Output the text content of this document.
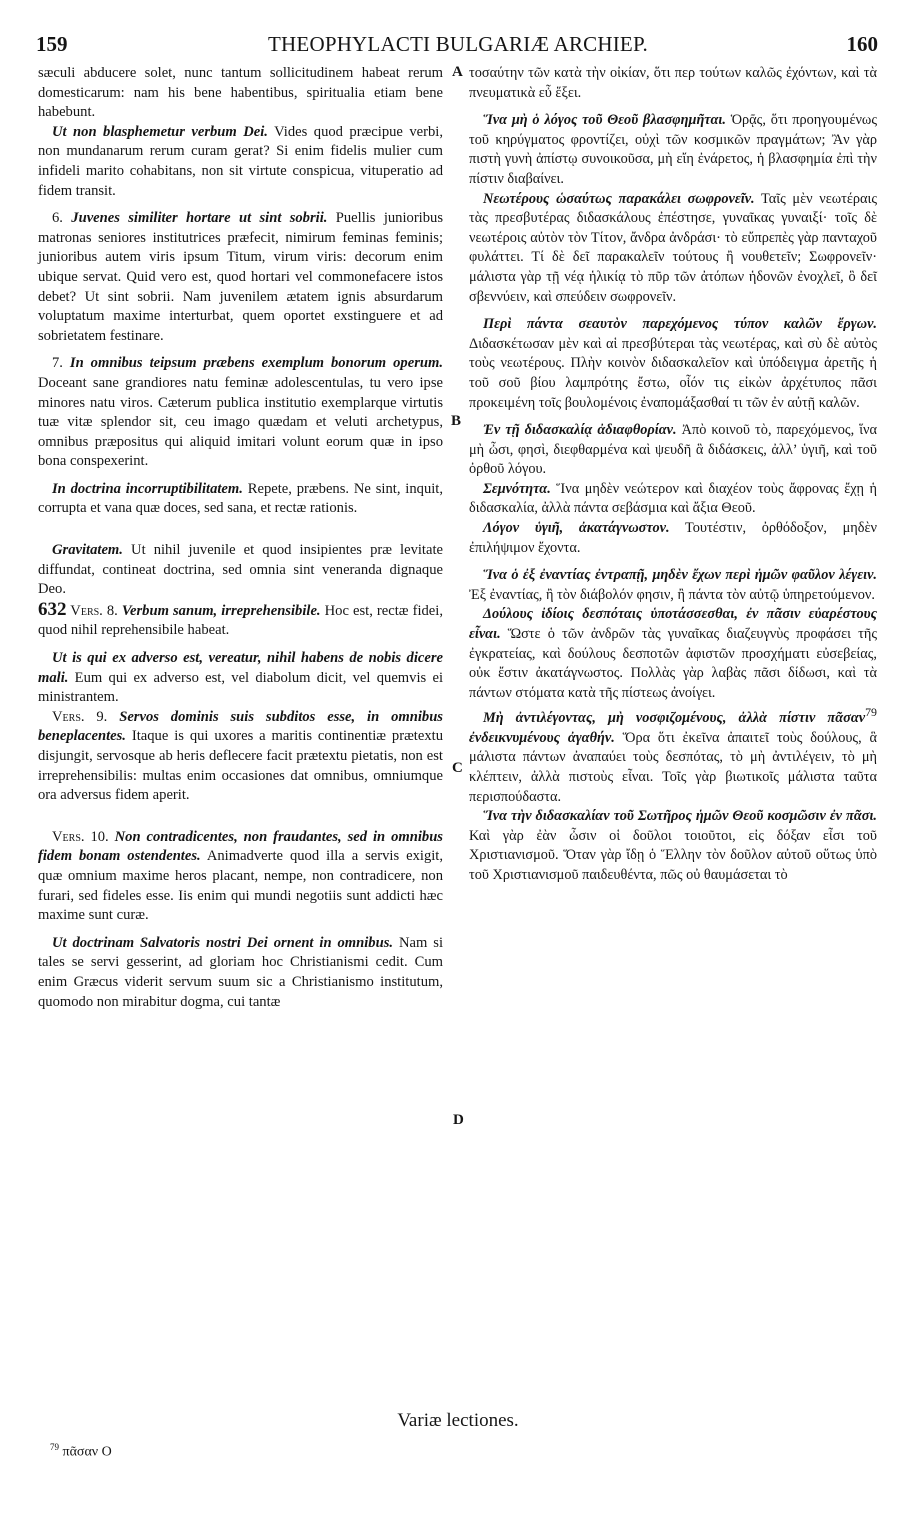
159	THEOPHYLACTI BULGARIÆ ARCHIEP.	160

sæculi abducere solet, nunc tantum sollicitudinem habeat rerum domesticarum: nam his bene habentibus, spiritualia etiam bene habebunt.

Ut non blasphemetur verbum Dei. Vides quod præcipue verbi, non mundanarum rerum curam gerat? Si enim fidelis mulier cum infideli marito cohabitans, non sit virtute conspicua, vituperatio ad fidem transit.

6. Juvenes similiter hortare ut sint sobrii. Puellis junioribus matronas seniores institutrices præfecit, nimirum feminas feminis; junioribus autem viris ipsum Titum, virum viris: decorum enim ubique servat. Quid vero est, quod hortari vel commonefacere istos debet? Ut sint sobrii. Nam juvenilem ætatem ignis absurdarum voluptatum maxime interturbat, quem oportet exstinguere et ad sobrietatem festinare.

7. In omnibus teipsum præbens exemplum bonorum operum. Doceant sane grandiores natu feminæ adolescentulas, tu vero ipse minores natu viros. Cæterum publica institutio exemplarque virtutis tuæ vitæ splendor sit, ceu imago quædam et veluti archetypus, omnibus præpositus qui aliquid imitari volunt eorum quæ in ipso bona conspexerint.

In doctrina incorruptibilitatem. Repete, præbens. Ne sint, inquit, corrupta et vana quæ doces, sed sana, et rectæ rationis.

Gravitatem. Ut nihil juvenile et quod insipientes præ levitate diffundat, contineat doctrina, sed omnia sint veneranda dignaque Deo.

632 Vers. 8. Verbum sanum, irreprehensibile. Hoc est, rectæ fidei, quod nihil reprehensibile habeat.

Ut is qui ex adverso est, vereatur, nihil habens de nobis dicere mali. Eum qui ex adverso est, vel diabolum dicit, vel quemvis ei ministrantem.

Vers. 9. Servos dominis suis subditos esse, in omnibus beneplacentes. Itaque is qui uxores a maritis continentiæ prætextu disjungit, servosque ab heris deflecere facit prætextu pietatis, non est irreprehensibilis: multas enim occasiones dat omnibus, omniumque ora adversus fidem aperit.

Vers. 10. Non contradicentes, non fraudantes, sed in omnibus fidem bonam ostendentes. Animadverte quod illa a servis exigit, quæ omnium maxime heros placant, nempe, non contradicere, non furari, sed fideles esse. Iis enim qui mundi negotiis sunt addicti hæc maxime sunt curæ.

Ut doctrinam Salvatoris nostri Dei ornent in omnibus. Nam si tales se servi gesserint, ad gloriam hoc Christianismi cedit. Cum enim Græcus viderit servum suum sic a Christianismo institutum, quomodo non mirabitur dogma, cui tantæ

τοσαύτην τῶν κατὰ τὴν οἰκίαν, ὅτι περ τούτων καλῶς ἐχόντων, καὶ τὰ πνευματικὰ εὖ ἕξει.

Ἵνα μὴ ὁ λόγος τοῦ Θεοῦ βλασφημῆται. Ὁρᾷς, ὅτι προηγουμένως τοῦ κηρύγματος φροντίζει, οὐχὶ τῶν κοσμικῶν πραγμάτων; Ἂν γὰρ πιστὴ γυνὴ ἀπίστῳ συνοικοῦσα, μὴ εἴη ἐνάρετος, ἡ βλασφημία ἐπὶ τὴν πίστιν διαβαίνει.

Νεωτέρους ὡσαύτως παρακάλει σωφρονεῖν. Ταῖς μὲν νεωτέραις τὰς πρεσβυτέρας διδασκάλους ἐπέστησε, γυναῖκας γυναιξί· τοῖς δὲ νεωτέροις αὐτὸν τὸν Τίτον, ἄνδρα ἀνδράσι· τὸ εὔπρεπὲς γὰρ πανταχοῦ φυλάττει. Τί δὲ δεῖ παρακαλεῖν τούτους ἢ νουθετεῖν; Σωφρονεῖν· μάλιστα γὰρ τῇ νέᾳ ἡλικίᾳ τὸ πῦρ τῶν ἀτόπων ἡδονῶν ἐνοχλεῖ, ὃ δεῖ σβεννύειν, καὶ σπεύδειν σωφρονεῖν.

Περὶ πάντα σεαυτὸν παρεχόμενος τύπον καλῶν ἔργων. Διδασκέτωσαν μὲν καὶ αἱ πρεσβύτεραι τὰς νεωτέρας, καὶ σὺ δὲ αὐτὸς τοὺς νεωτέρους. Πλὴν κοινὸν διδασκαλεῖον καὶ ὑπόδειγμα ἀρετῆς ἡ τοῦ σοῦ βίου λαμπρότης ἔστω, οἷόν τις εἰκὼν ἀρχέτυπος πᾶσι προκειμένη τοῖς βουλομένοις ἐναπομάξασθαί τι τῶν ἐν αὐτῇ καλῶν.

Ἐν τῇ διδασκαλίᾳ ἀδιαφθορίαν. Ἀπὸ κοινοῦ τὸ, παρεχόμενος, ἵνα μὴ ὦσι, φησὶ, διεφθαρμένα καὶ ψευδῆ ἃ διδάσκεις, ἀλλ’ ὑγιῆ, καὶ τοῦ ὀρθοῦ λόγου.

Σεμνότητα. Ἵνα μηδὲν νεώτερον καὶ διαχέον τοὺς ἄφρονας ἔχῃ ἡ διδασκαλία, ἀλλὰ πάντα σεβάσμια καὶ ἄξια Θεοῦ.

Λόγον ὑγιῆ, ἀκατάγνωστον. Τουτέστιν, ὀρθόδοξον, μηδὲν ἐπιλήψιμον ἔχοντα.

Ἵνα ὁ ἐξ ἐναντίας ἐντραπῇ, μηδὲν ἔχων περὶ ἡμῶν φαῦλον λέγειν. Ἐξ ἐναντίας, ἢ τὸν διάβολόν φησιν, ἢ πάντα τὸν αὐτῷ ὑπηρετούμενον.

Δούλους ἰδίοις δεσπόταις ὑποτάσσεσθαι, ἐν πᾶσιν εὐαρέστους εἶναι. Ὥστε ὁ τῶν ἀνδρῶν τὰς γυναῖκας διαζευγνὺς προφάσει τῆς ἐγκρατείας, καὶ δούλους δεσποτῶν ἀφιστῶν προσχήματι εὐσεβείας, οὐκ ἔστιν ἀκατάγνωστος. Πολλὰς γὰρ λαβὰς πᾶσι δίδωσι, καὶ τὰ πάντων στόματα κατὰ τῆς πίστεως ἀνοίγει.

Μὴ ἀντιλέγοντας, μὴ νοσφιζομένους, ἀλλὰ πίστιν πᾶσαν$^{79}$ ἐνδεικνυμένους ἀγαθήν. Ὅρα ὅτι ἐκεῖνα ἀπαιτεῖ τοὺς δούλους, ἃ μάλιστα πάντων ἀναπαύει τοὺς δεσπότας, τὸ μὴ ἀντιλέγειν, τὸ μὴ κλέπτειν, ἀλλὰ πιστοὺς εἶναι. Τοῖς γὰρ βιωτικοῖς μάλιστα ταῦτα περισπούδαστα.

Ἵνα τὴν διδασκαλίαν τοῦ Σωτῆρος ἡμῶν Θεοῦ κοσμῶσιν ἐν πᾶσι. Καὶ γὰρ ἐὰν ὦσιν οἱ δοῦλοι τοιοῦτοι, εἰς δόξαν εἶσι τοῦ Χριστιανισμοῦ. Ὅταν γὰρ ἴδῃ ὁ Ἕλλην τὸν δοῦλον αὐτοῦ οὕτως ὑπὸ τοῦ Χριστιανισμοῦ παιδευθέντα, πῶς οὐ θαυμάσεται τὸ

A
B
C
D
Variæ lectiones.
$^{79}$ πᾶσαν Ο
